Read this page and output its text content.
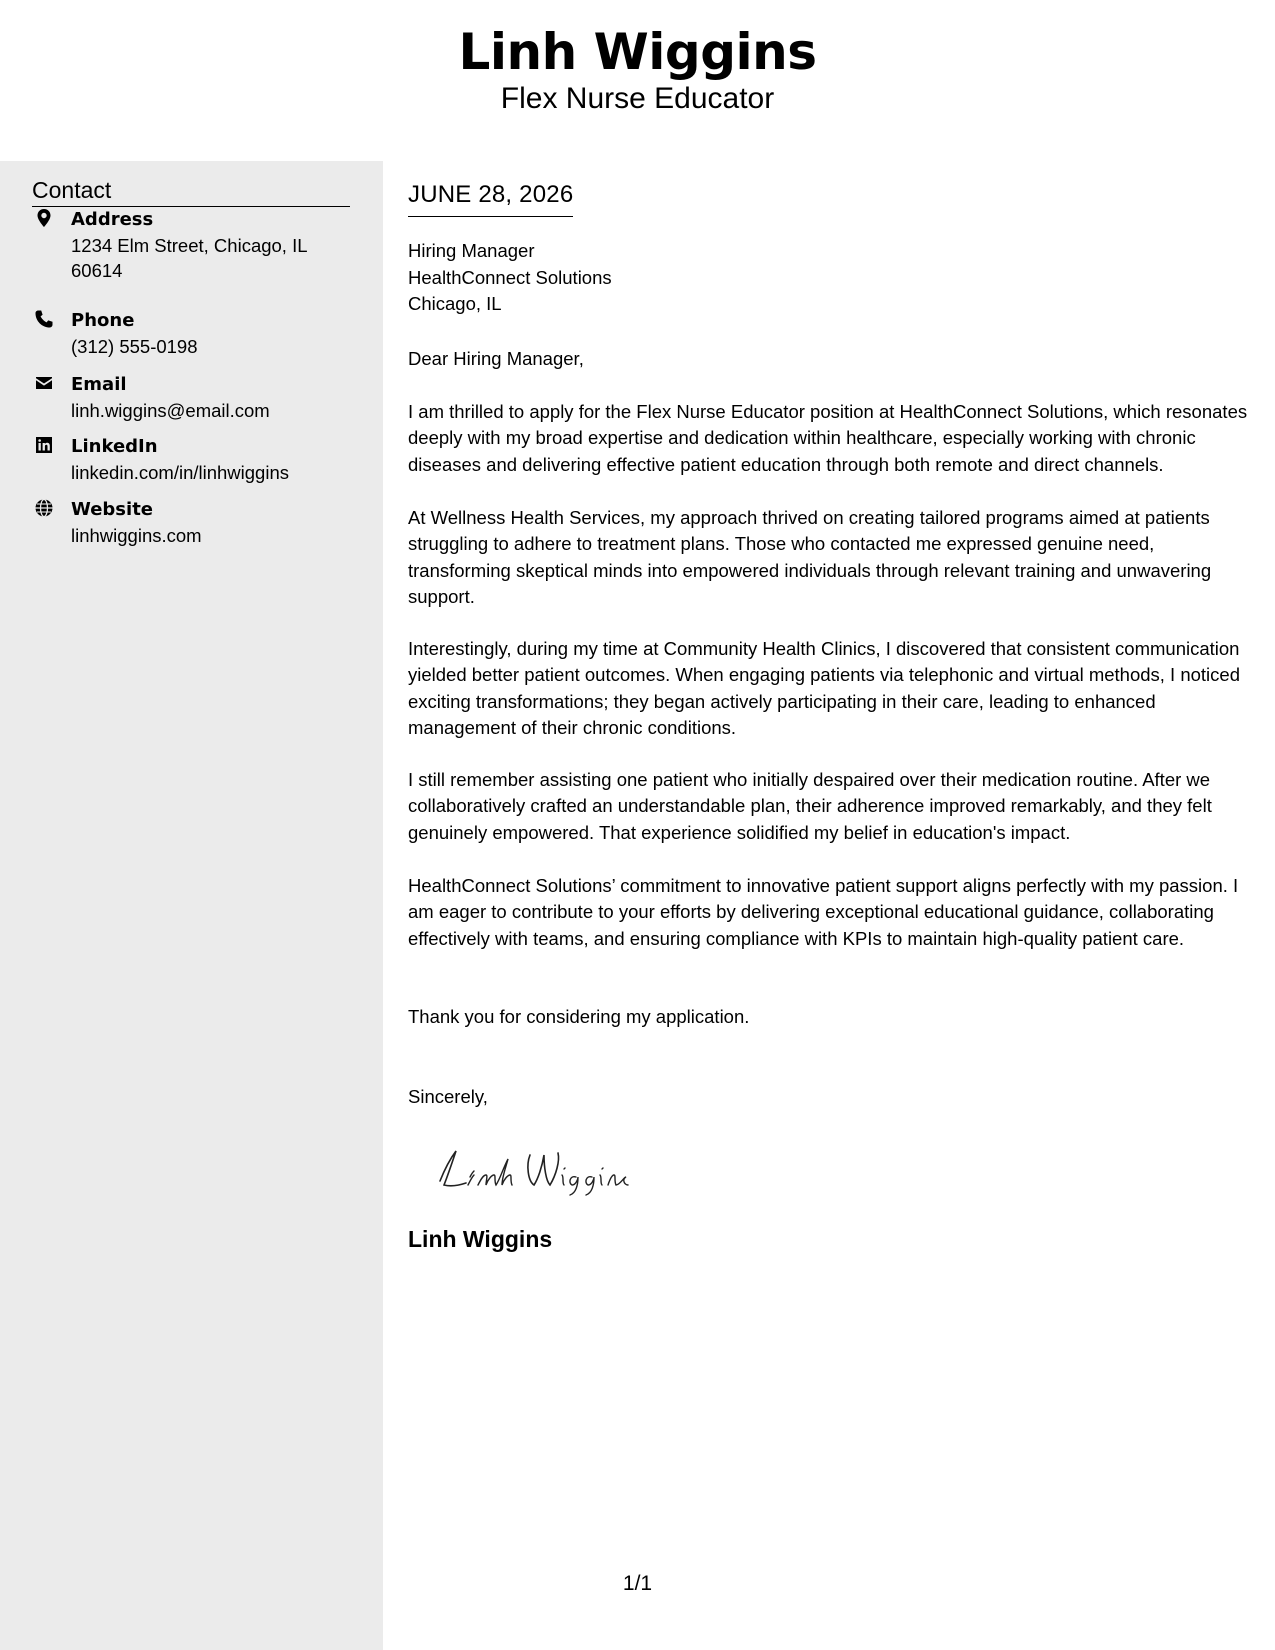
Linh Wiggins
Flex Nurse Educator
Contact
Address
1234 Elm Street, Chicago, IL 60614
Phone
(312) 555-0198
Email
linh.wiggins@email.com
LinkedIn
linkedin.com/in/linhwiggins
Website
linhwiggins.com
JUNE 28, 2026
Hiring Manager
HealthConnect Solutions
Chicago, IL
Dear Hiring Manager,
I am thrilled to apply for the Flex Nurse Educator position at HealthConnect Solutions, which resonates deeply with my broad expertise and dedication within healthcare, especially working with chronic diseases and delivering effective patient education through both remote and direct channels.
At Wellness Health Services, my approach thrived on creating tailored programs aimed at patients struggling to adhere to treatment plans. Those who contacted me expressed genuine need, transforming skeptical minds into empowered individuals through relevant training and unwavering support.
Interestingly, during my time at Community Health Clinics, I discovered that consistent communication yielded better patient outcomes. When engaging patients via telephonic and virtual methods, I noticed exciting transformations; they began actively participating in their care, leading to enhanced management of their chronic conditions.
I still remember assisting one patient who initially despaired over their medication routine. After we collaboratively crafted an understandable plan, their adherence improved remarkably, and they felt genuinely empowered. That experience solidified my belief in education's impact.
HealthConnect Solutions’ commitment to innovative patient support aligns perfectly with my passion. I am eager to contribute to your efforts by delivering exceptional educational guidance, collaborating effectively with teams, and ensuring compliance with KPIs to maintain high-quality patient care.
Thank you for considering my application.
Sincerely,
Linh Wiggins
1/1
